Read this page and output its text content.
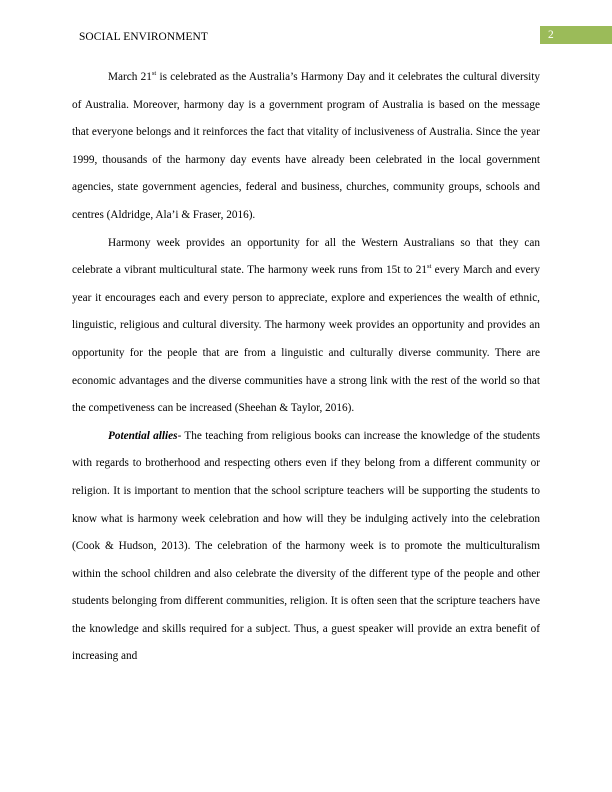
SOCIAL ENVIRONMENT	2

March 21st is celebrated as the Australia’s Harmony Day and it celebrates the cultural diversity of Australia. Moreover, harmony day is a government program of Australia is based on the message that everyone belongs and it reinforces the fact that vitality of inclusiveness of Australia. Since the year 1999, thousands of the harmony day events have already been celebrated in the local government agencies, state government agencies, federal and business, churches, community groups, schools and centres (Aldridge, Ala’i & Fraser, 2016).

Harmony week provides an opportunity for all the Western Australians so that they can celebrate a vibrant multicultural state. The harmony week runs from 15t to 21st every March and every year it encourages each and every person to appreciate, explore and experiences the wealth of ethnic, linguistic, religious and cultural diversity. The harmony week provides an opportunity and provides an opportunity for the people that are from a linguistic and culturally diverse community. There are economic advantages and the diverse communities have a strong link with the rest of the world so that the competiveness can be increased (Sheehan & Taylor, 2016).

Potential allies- The teaching from religious books can increase the knowledge of the students with regards to brotherhood and respecting others even if they belong from a different community or religion. It is important to mention that the school scripture teachers will be supporting the students to know what is harmony week celebration and how will they be indulging actively into the celebration (Cook & Hudson, 2013). The celebration of the harmony week is to promote the multiculturalism within the school children and also celebrate the diversity of the different type of the people and other students belonging from different communities, religion. It is often seen that the scripture teachers have the knowledge and skills required for a subject. Thus, a guest speaker will provide an extra benefit of increasing and
